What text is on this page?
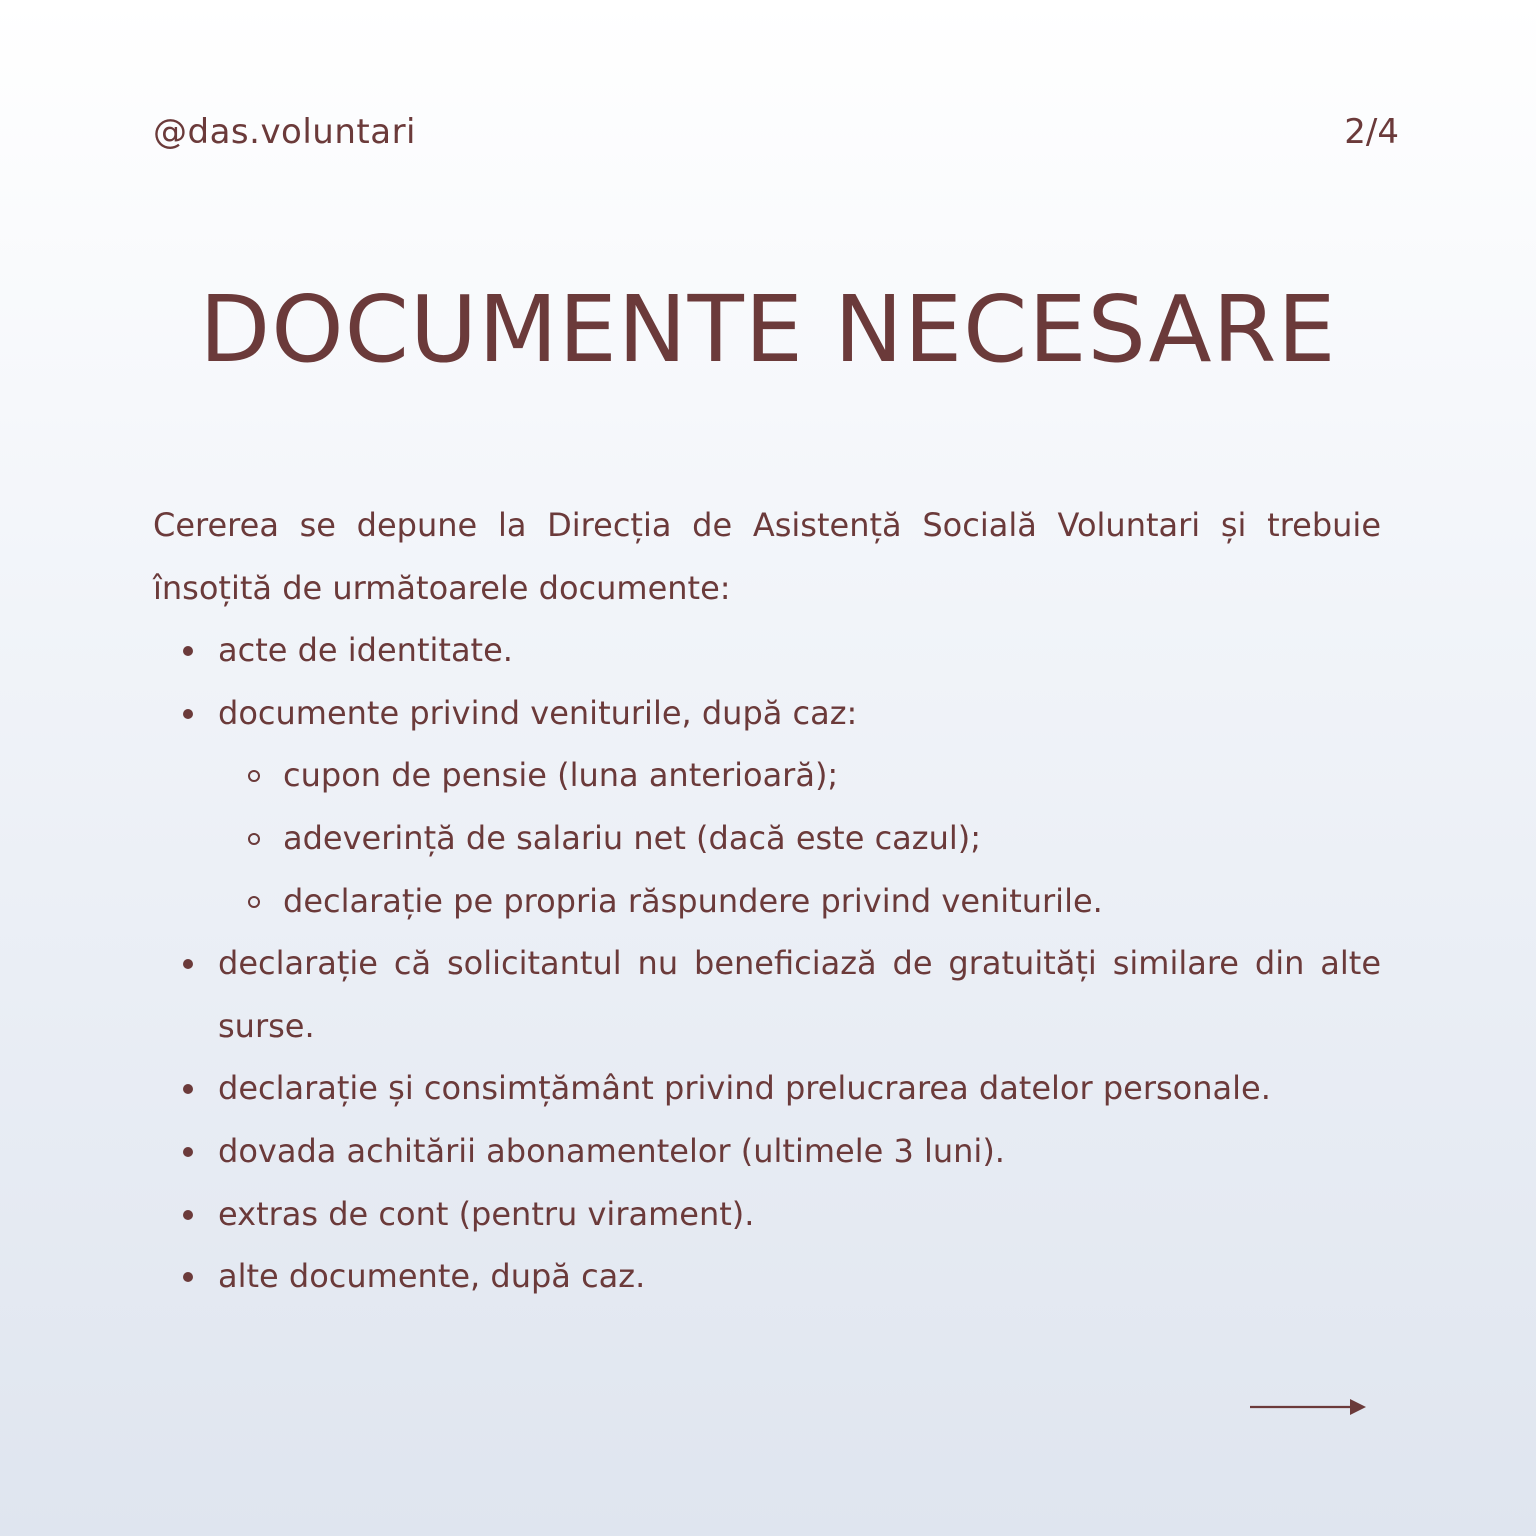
@das.voluntari	2/4
DOCUMENTE NECESARE

Cererea se depune la Direcția de Asistență Socială Voluntari și trebuie însoțită de următoarele documente:

acte de identitate.
documente privind veniturile, după caz:
cupon de pensie (luna anterioară);
adeverință de salariu net (dacă este cazul);
declarație pe propria răspundere privind veniturile.
declarație că solicitantul nu beneficiază de gratuități similare din alte surse.
declarație și consimțământ privind prelucrarea datelor personale.
dovada achitării abonamentelor (ultimele 3 luni).
extras de cont (pentru virament).
alte documente, după caz.
